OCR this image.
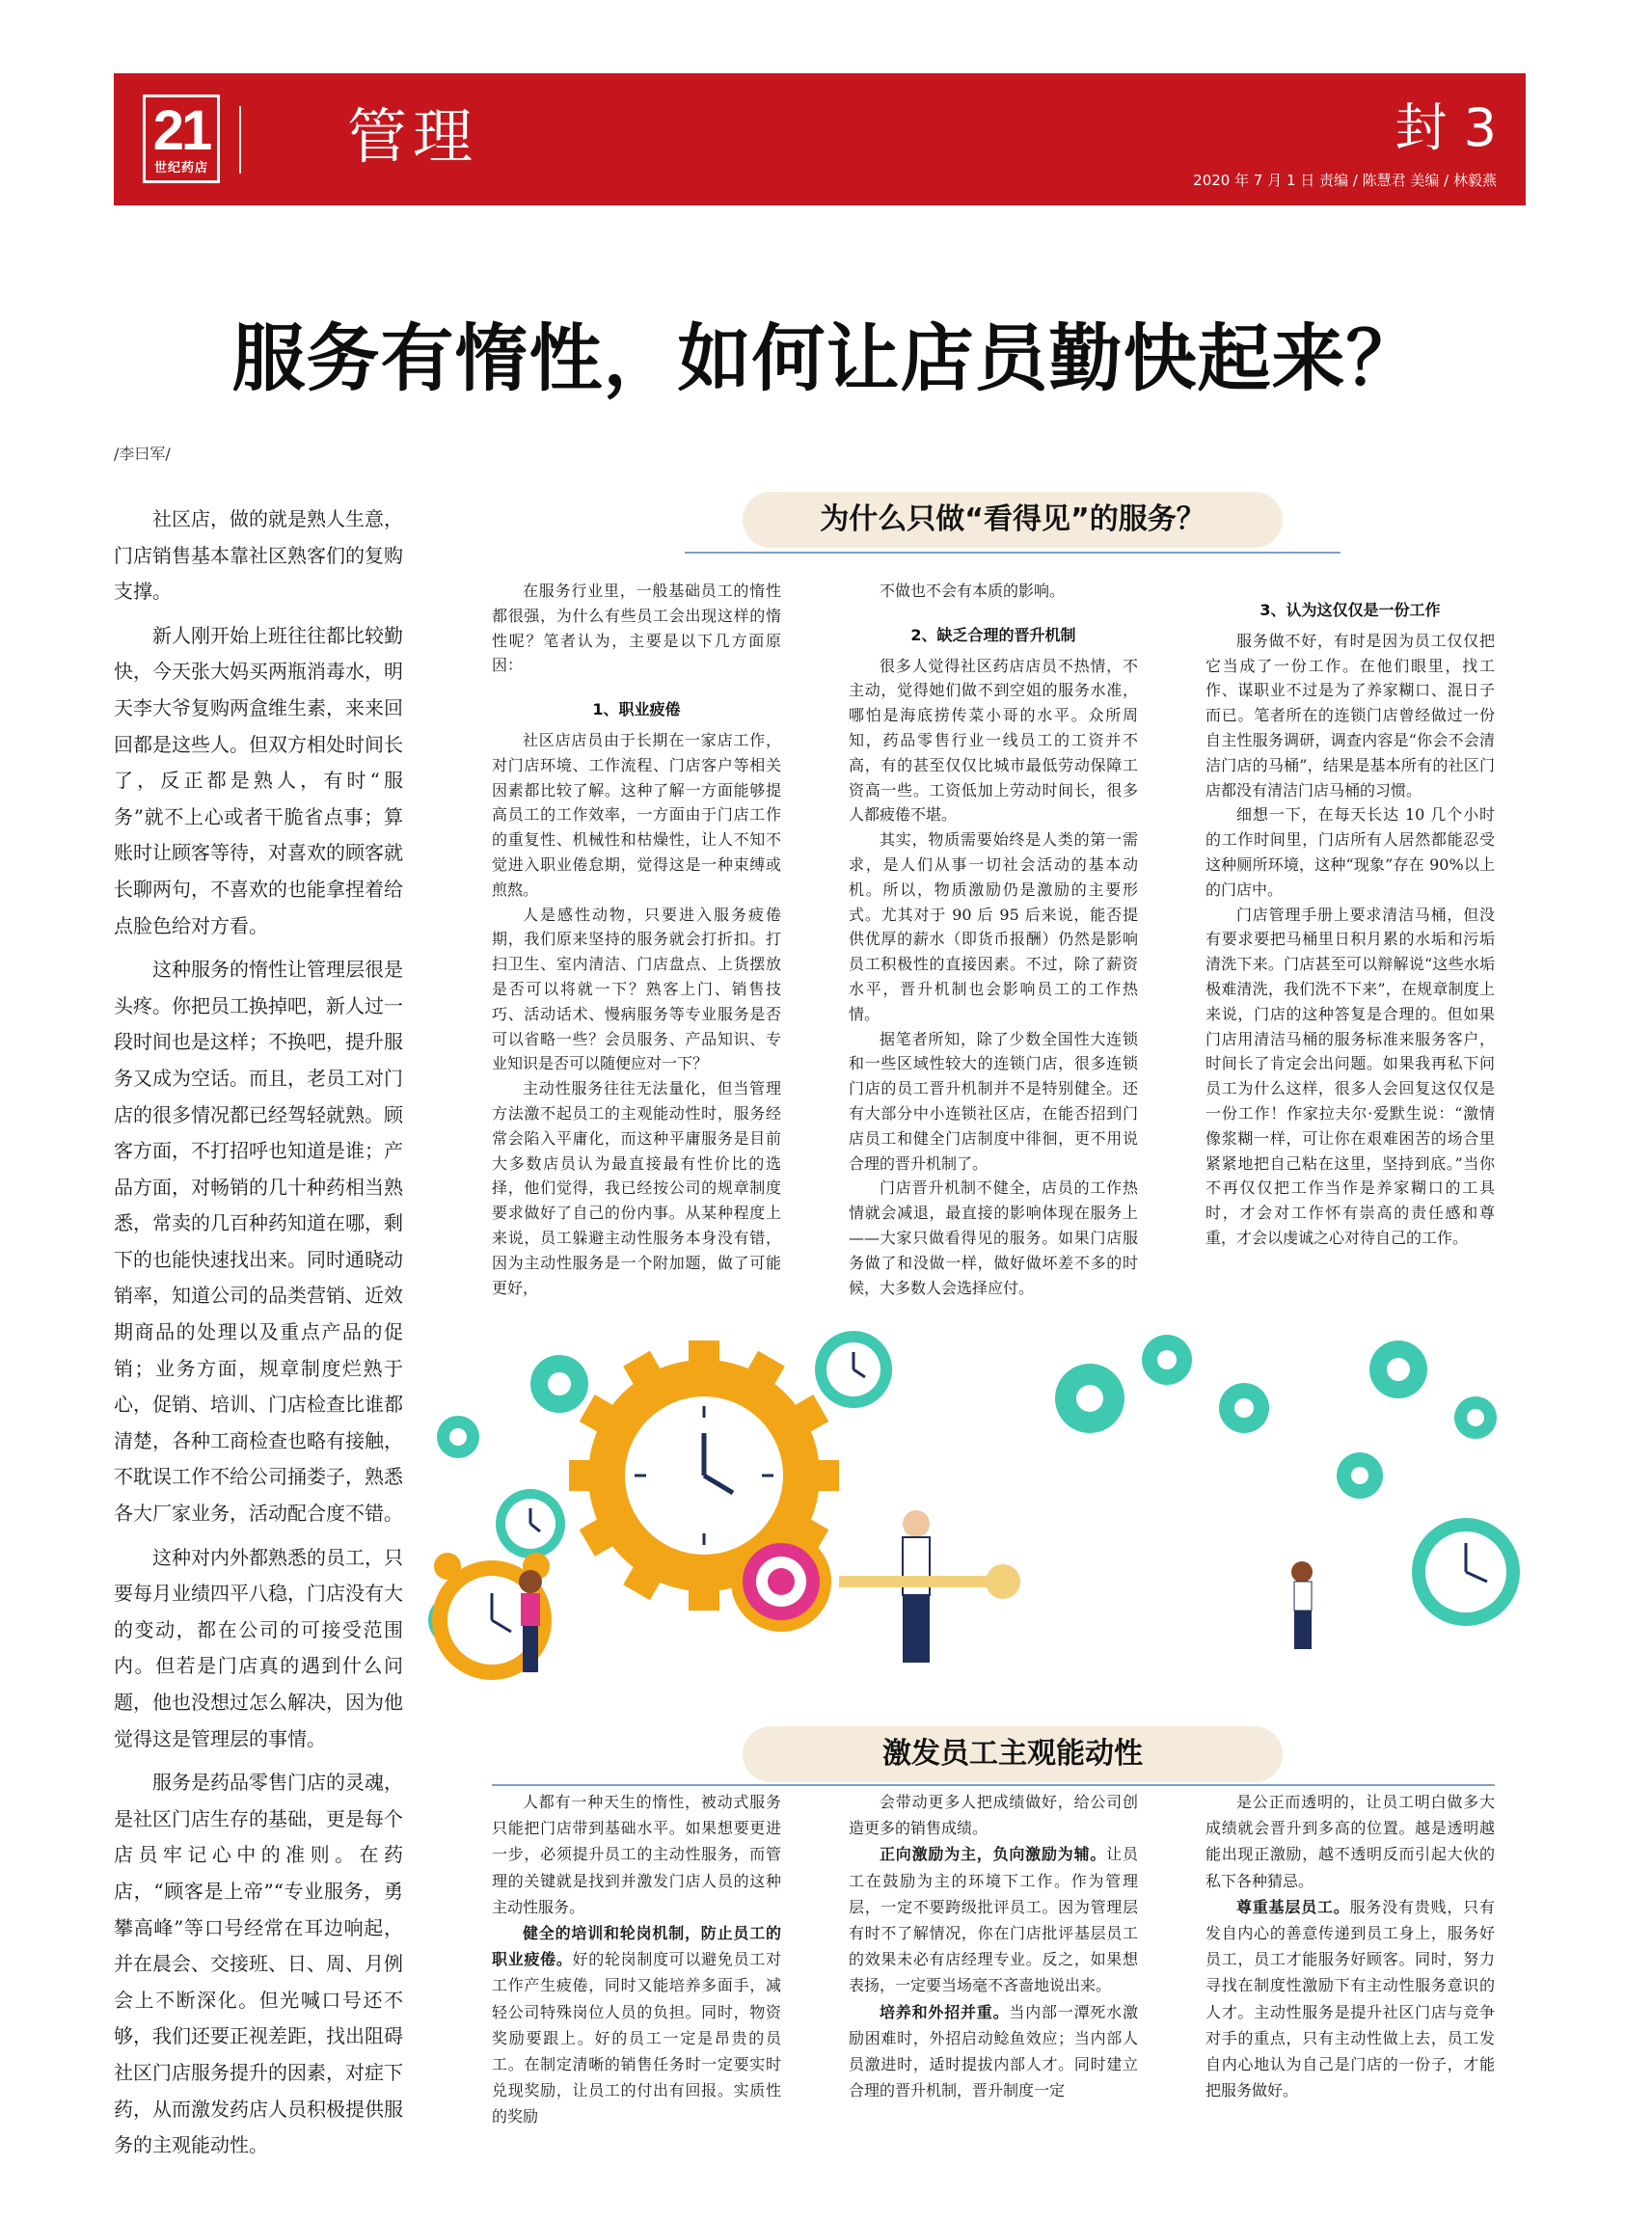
21
世纪药店 管理	封 3
2020 年 7 月 1 日 责编 / 陈慧君 美编 / 林毅燕
服务有惰性，如何让店员勤快起来？
/李曰军/

社区店，做的就是熟人生意，门店销售基本靠社区熟客们的复购支撑。

新人刚开始上班往往都比较勤快，今天张大妈买两瓶消毒水，明天李大爷复购两盒维生素，来来回回都是这些人。但双方相处时间长了，反正都是熟人，有时“服务”就不上心或者干脆省点事；算账时让顾客等待，对喜欢的顾客就长聊两句，不喜欢的也能拿捏着给点脸色给对方看。

这种服务的惰性让管理层很是头疼。你把员工换掉吧，新人过一段时间也是这样；不换吧，提升服务又成为空话。而且，老员工对门店的很多情况都已经驾轻就熟。顾客方面，不打招呼也知道是谁；产品方面，对畅销的几十种药相当熟悉，常卖的几百种药知道在哪，剩下的也能快速找出来。同时通晓动销率，知道公司的品类营销、近效期商品的处理以及重点产品的促销；业务方面，规章制度烂熟于心，促销、培训、门店检查比谁都清楚，各种工商检查也略有接触，不耽误工作不给公司捅娄子，熟悉各大厂家业务，活动配合度不错。

这种对内外都熟悉的员工，只要每月业绩四平八稳，门店没有大的变动，都在公司的可接受范围内。但若是门店真的遇到什么问题，他也没想过怎么解决，因为他觉得这是管理层的事情。

服务是药品零售门店的灵魂，是社区门店生存的基础，更是每个店员牢记心中的准则。在药店，“顾客是上帝”“专业服务，勇攀高峰”等口号经常在耳边响起，并在晨会、交接班、日、周、月例会上不断深化。但光喊口号还不够，我们还要正视差距，找出阻碍社区门店服务提升的因素，对症下药，从而激发药店人员积极提供服务的主观能动性。

为什么只做“看得见”的服务？

在服务行业里，一般基础员工的惰性都很强，为什么有些员工会出现这样的惰性呢？笔者认为，主要是以下几方面原因：

1、职业疲倦

社区店店员由于长期在一家店工作，对门店环境、工作流程、门店客户等相关因素都比较了解。这种了解一方面能够提高员工的工作效率，一方面由于门店工作的重复性、机械性和枯燥性，让人不知不觉进入职业倦怠期，觉得这是一种束缚或煎熬。

人是感性动物，只要进入服务疲倦期，我们原来坚持的服务就会打折扣。打扫卫生、室内清洁、门店盘点、上货摆放是否可以将就一下？熟客上门、销售技巧、活动话术、慢病服务等专业服务是否可以省略一些？会员服务、产品知识、专业知识是否可以随便应对一下？

主动性服务往往无法量化，但当管理方法激不起员工的主观能动性时，服务经常会陷入平庸化，而这种平庸服务是目前大多数店员认为最直接最有性价比的选择，他们觉得，我已经按公司的规章制度要求做好了自己的份内事。从某种程度上来说，员工躲避主动性服务本身没有错，因为主动性服务是一个附加题，做了可能更好，

不做也不会有本质的影响。

2、缺乏合理的晋升机制

很多人觉得社区药店店员不热情，不主动，觉得她们做不到空姐的服务水准，哪怕是海底捞传菜小哥的水平。众所周知，药品零售行业一线员工的工资并不高，有的甚至仅仅比城市最低劳动保障工资高一些。工资低加上劳动时间长，很多人都疲倦不堪。

其实，物质需要始终是人类的第一需求，是人们从事一切社会活动的基本动机。所以，物质激励仍是激励的主要形式。尤其对于 90 后 95 后来说，能否提供优厚的薪水（即货币报酬）仍然是影响员工积极性的直接因素。不过，除了薪资水平，晋升机制也会影响员工的工作热情。

据笔者所知，除了少数全国性大连锁和一些区域性较大的连锁门店，很多连锁门店的员工晋升机制并不是特别健全。还有大部分中小连锁社区店，在能否招到门店员工和健全门店制度中徘徊，更不用说合理的晋升机制了。

门店晋升机制不健全，店员的工作热情就会减退，最直接的影响体现在服务上——大家只做看得见的服务。如果门店服务做了和没做一样，做好做坏差不多的时候，大多数人会选择应付。

3、认为这仅仅是一份工作

服务做不好，有时是因为员工仅仅把它当成了一份工作。在他们眼里，找工作、谋职业不过是为了养家糊口、混日子而已。笔者所在的连锁门店曾经做过一份自主性服务调研，调查内容是“你会不会清洁门店的马桶”，结果是基本所有的社区门店都没有清洁门店马桶的习惯。

细想一下，在每天长达 10 几个小时的工作时间里，门店所有人居然都能忍受这种厕所环境，这种“现象”存在 90%以上的门店中。

门店管理手册上要求清洁马桶，但没有要求要把马桶里日积月累的水垢和污垢清洗下来。门店甚至可以辩解说“这些水垢极难清洗，我们洗不下来”，在规章制度上来说，门店的这种答复是合理的。但如果门店用清洁马桶的服务标准来服务客户，时间长了肯定会出问题。如果我再私下问员工为什么这样，很多人会回复这仅仅是一份工作！作家拉夫尔·爱默生说：“激情像浆糊一样，可让你在艰难困苦的场合里紧紧地把自己粘在这里，坚持到底。”当你不再仅仅把工作当作是养家糊口的工具时，才会对工作怀有崇高的责任感和尊重，才会以虔诚之心对待自己的工作。

激发员工主观能动性

人都有一种天生的惰性，被动式服务只能把门店带到基础水平。如果想要更进一步，必须提升员工的主动性服务，而管理的关键就是找到并激发门店人员的这种主动性服务。

健全的培训和轮岗机制，防止员工的职业疲倦。好的轮岗制度可以避免员工对工作产生疲倦，同时又能培养多面手，减轻公司特殊岗位人员的负担。同时，物资奖励要跟上。好的员工一定是昂贵的员工。在制定清晰的销售任务时一定要实时兑现奖励，让员工的付出有回报。实质性的奖励

会带动更多人把成绩做好，给公司创造更多的销售成绩。

正向激励为主，负向激励为辅。让员工在鼓励为主的环境下工作。作为管理层，一定不要跨级批评员工。因为管理层有时不了解情况，你在门店批评基层员工的效果未必有店经理专业。反之，如果想表扬，一定要当场毫不吝啬地说出来。

培养和外招并重。当内部一潭死水激励困难时，外招启动鲶鱼效应；当内部人员激进时，适时提拔内部人才。同时建立合理的晋升机制，晋升制度一定

是公正而透明的，让员工明白做多大成绩就会晋升到多高的位置。越是透明越能出现正激励，越不透明反而引起大伙的私下各种猜忌。

尊重基层员工。服务没有贵贱，只有发自内心的善意传递到员工身上，服务好员工，员工才能服务好顾客。同时，努力寻找在制度性激励下有主动性服务意识的人才。主动性服务是提升社区门店与竞争对手的重点，只有主动性做上去，员工发自内心地认为自己是门店的一份子，才能把服务做好。
